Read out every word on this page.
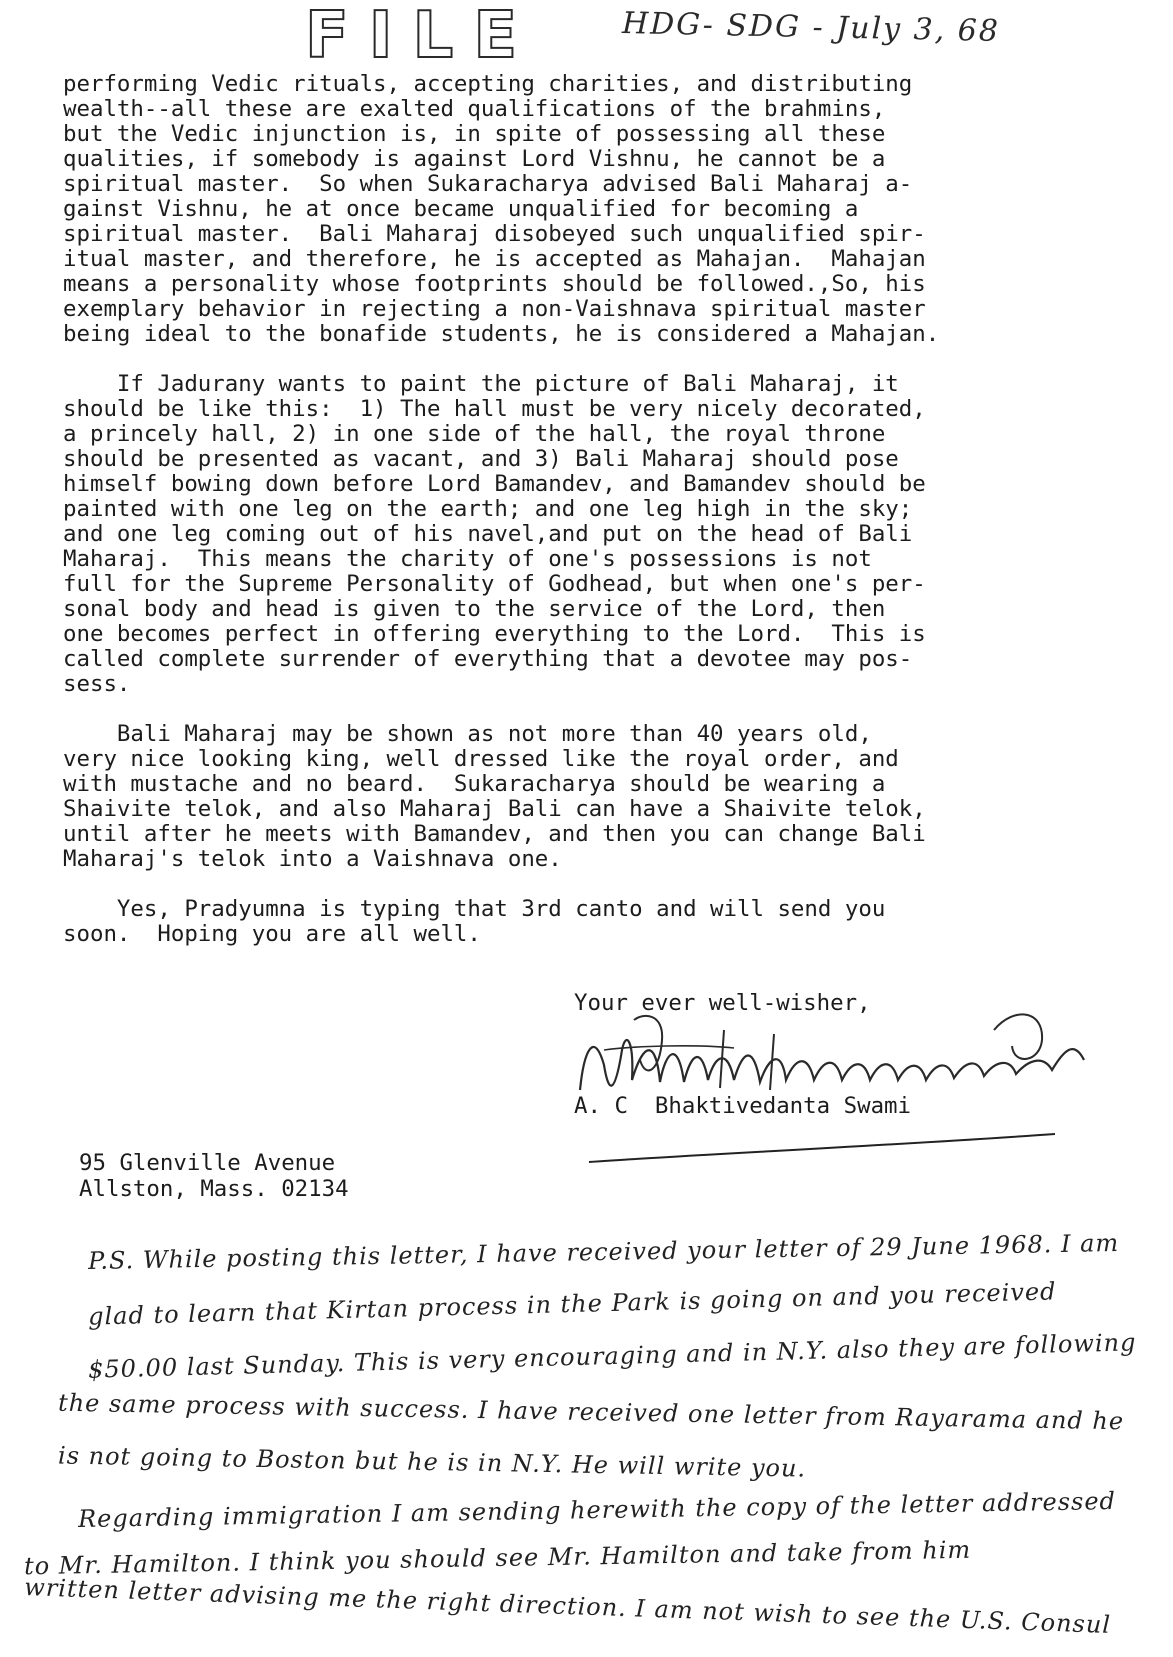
FILE	HDG- SDG - July 3, 68

performing Vedic rituals, accepting charities, and distributing

wealth--all these are exalted qualifications of the brahmins,

but the Vedic injunction is, in spite of possessing all these

qualities, if somebody is against Lord Vishnu, he cannot be a

spiritual master.  So when Sukaracharya advised Bali Maharaj a-

gainst Vishnu, he at once became unqualified for becoming a

spiritual master.  Bali Maharaj disobeyed such unqualified spir-

itual master, and therefore, he is accepted as Mahajan.  Mahajan

means a personality whose footprints should be followed.,So, his

exemplary behavior in rejecting a non-Vaishnava spiritual master

being ideal to the bonafide students, he is considered a Mahajan.

If Jadurany wants to paint the picture of Bali Maharaj, it

should be like this:  1) The hall must be very nicely decorated,

a princely hall, 2) in one side of the hall, the royal throne

should be presented as vacant, and 3) Bali Maharaj should pose

himself bowing down before Lord Bamandev, and Bamandev should be

painted with one leg on the earth; and one leg high in the sky;

and one leg coming out of his navel,and put on the head of Bali

Maharaj.  This means the charity of one's possessions is not

full for the Supreme Personality of Godhead, but when one's per-

sonal body and head is given to the service of the Lord, then

one becomes perfect in offering everything to the Lord.  This is

called complete surrender of everything that a devotee may pos-

sess.

Bali Maharaj may be shown as not more than 40 years old,

very nice looking king, well dressed like the royal order, and

with mustache and no beard.  Sukaracharya should be wearing a

Shaivite telok, and also Maharaj Bali can have a Shaivite telok,

until after he meets with Bamandev, and then you can change Bali

Maharaj's telok into a Vaishnava one.

Yes, Pradyumna is typing that 3rd canto and will send you

soon.  Hoping you are all well.

Your ever well-wisher,
A. C  Bhaktivedanta Swami

95 Glenville Avenue

Allston, Mass. 02134

P.S. While posting this letter, I have received your letter of 29 June 1968. I am

glad to learn that Kirtan process in the Park is going on and you received

$50.00 last Sunday. This is very encouraging and in N.Y. also they are following

the same process with success. I have received one letter from Rayarama and he

is not going to Boston but he is in N.Y. He will write you.

Regarding immigration I am sending herewith the copy of the letter addressed

to Mr. Hamilton. I think you should see Mr. Hamilton and take from him

written letter advising me the right direction. I am not wish to see the U.S. Consul
